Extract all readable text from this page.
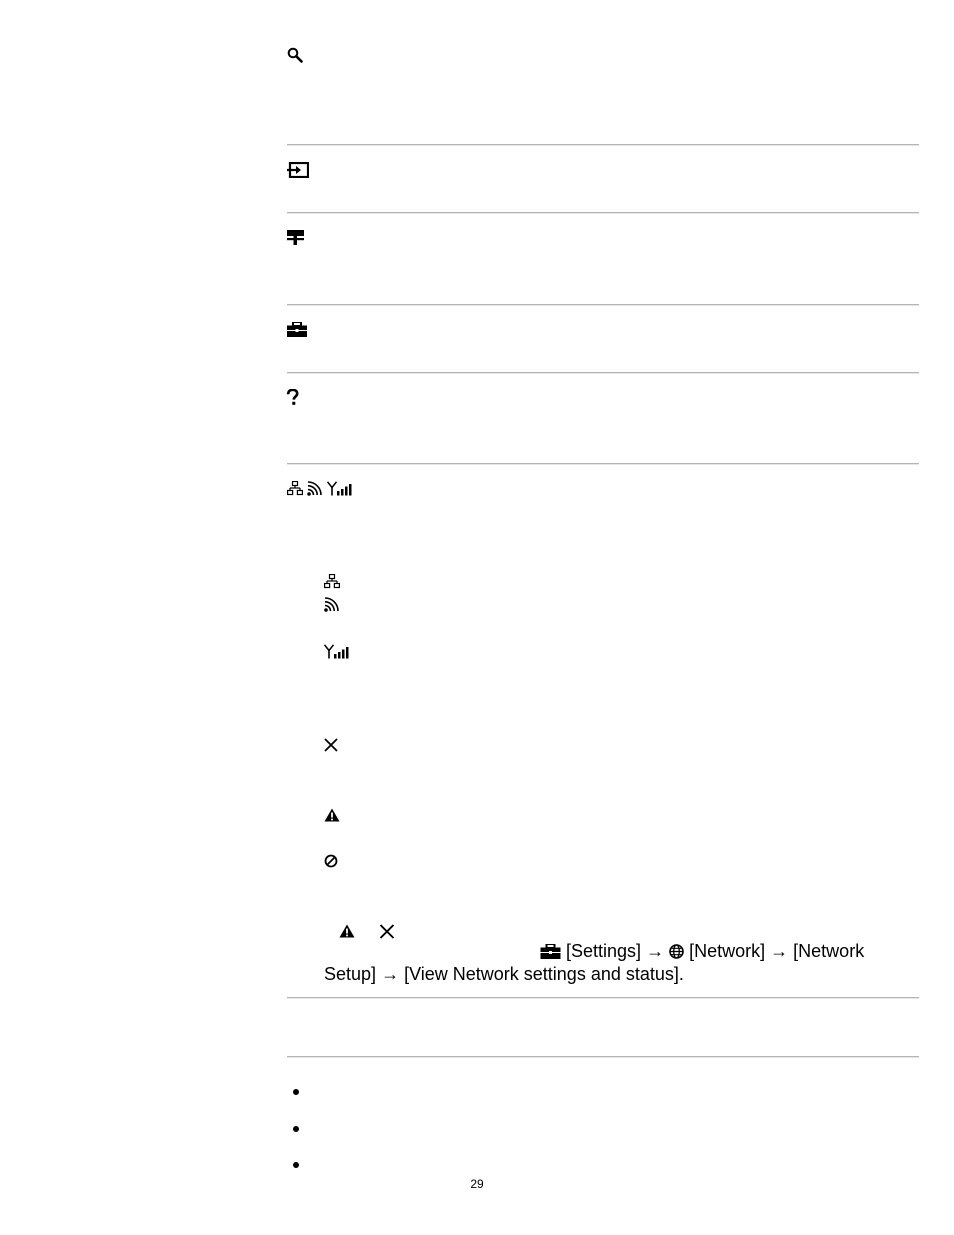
[Settings] → [Network] → [Network
Setup] → [View Network settings and status].
29
